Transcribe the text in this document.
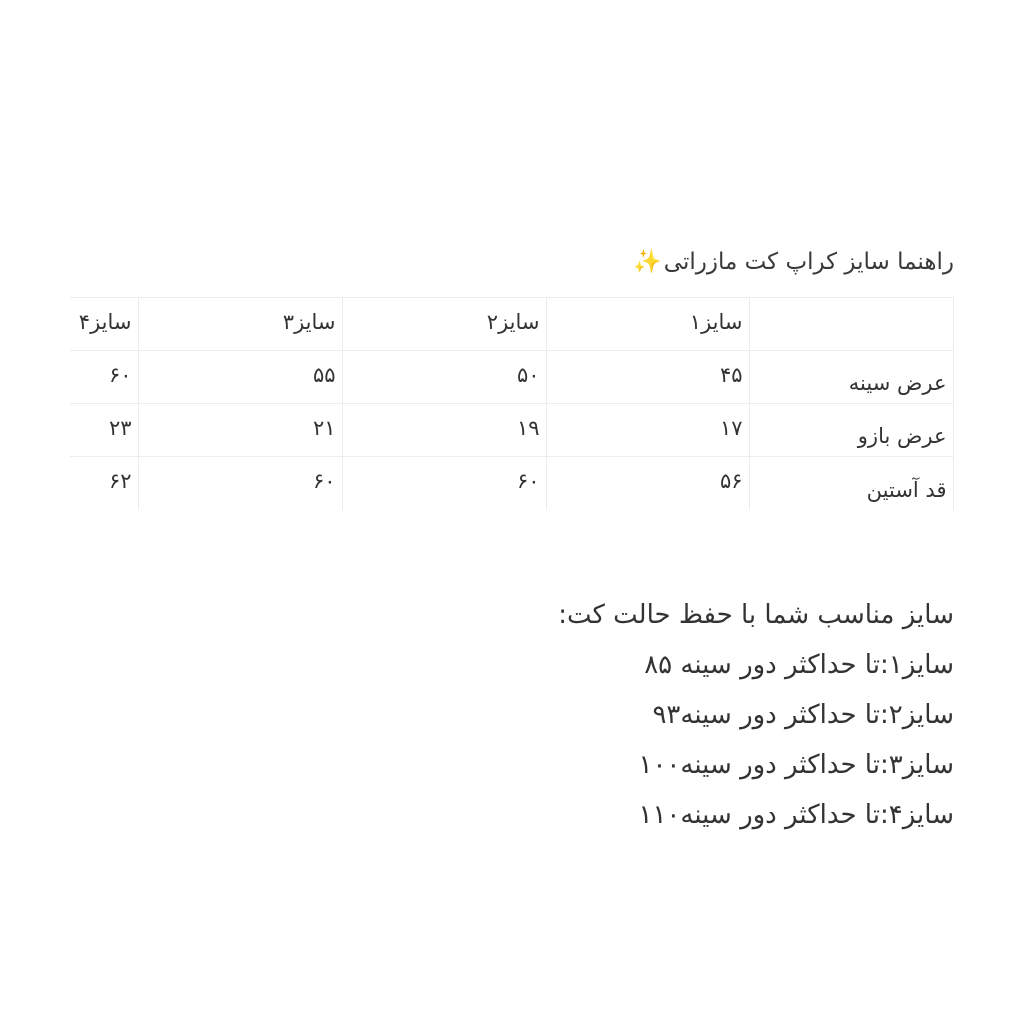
راهنما سایز کراپ کت مازراتی✨
	سایز۱	سایز۲	سایز۳	سایز۴
عرض سینه	۴۵	۵۰	۵۵	۶۰
عرض بازو	۱۷	۱۹	۲۱	۲۳
قد آستین	۵۶	۶۰	۶۰	۶۲
سایز مناسب شما با حفظ حالت کت:
سایز۱:تا حداکثر دور سینه ۸۵
سایز۲:تا حداکثر دور سینه۹۳
سایز۳:تا حداکثر دور سینه۱۰۰
سایز۴:تا حداکثر دور سینه۱۱۰
